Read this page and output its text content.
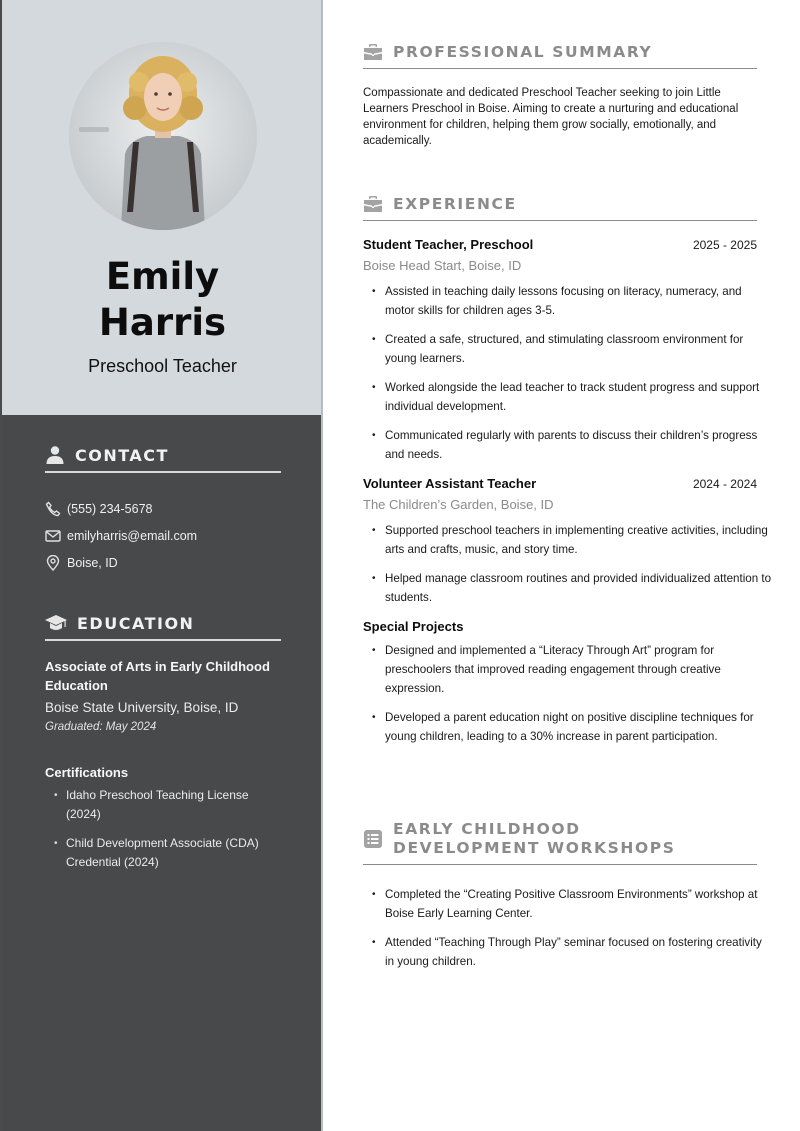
Emily
Harris
Preschool Teacher
CONTACT
(555) 234-5678
emilyharris@email.com
Boise, ID
EDUCATION
Associate of Arts in Early Childhood Education
Boise State University, Boise, ID
Graduated: May 2024
Certifications
• Idaho Preschool Teaching License (2024)
• Child Development Associate (CDA) Credential (2024)
PROFESSIONAL SUMMARY

Compassionate and dedicated Preschool Teacher seeking to join Little Learners Preschool in Boise. Aiming to create a nurturing and educational environment for children, helping them grow socially, emotionally, and academically.

EXPERIENCE
Student Teacher, Preschool	2025 - 2025
Boise Head Start, Boise, ID
• Assisted in teaching daily lessons focusing on literacy, numeracy, and motor skills for children ages 3-5.
• Created a safe, structured, and stimulating classroom environment for young learners.
• Worked alongside the lead teacher to track student progress and support individual development.
• Communicated regularly with parents to discuss their children’s progress and needs.
Volunteer Assistant Teacher	2024 - 2024
The Children’s Garden, Boise, ID
• Supported preschool teachers in implementing creative activities, including arts and crafts, music, and story time.
• Helped manage classroom routines and provided individualized attention to students.
Special Projects
• Designed and implemented a “Literacy Through Art” program for preschoolers that improved reading engagement through creative expression.
• Developed a parent education night on positive discipline techniques for young children, leading to a 30% increase in parent participation.
EARLY CHILDHOOD DEVELOPMENT WORKSHOPS
• Completed the “Creating Positive Classroom Environments” workshop at Boise Early Learning Center.
• Attended “Teaching Through Play” seminar focused on fostering creativity in young children.
